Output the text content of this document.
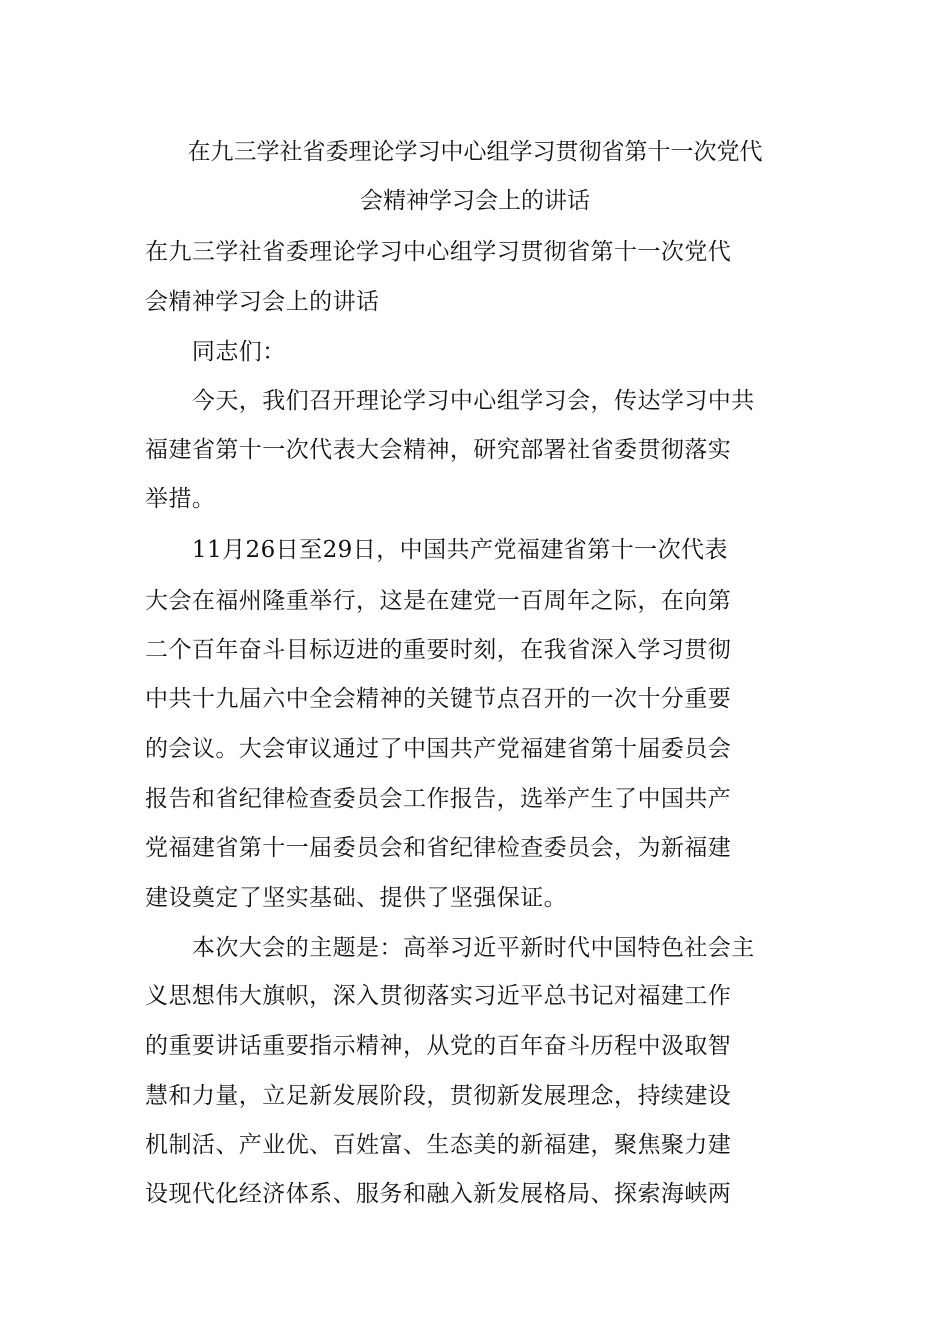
在九三学社省委理论学习中心组学习贯彻省第十一次党代
会精神学习会上的讲话
在九三学社省委理论学习中心组学习贯彻省第十一次党代
会精神学习会上的讲话
　　同志们：
　　今天，我们召开理论学习中心组学习会，传达学习中共
福建省第十一次代表大会精神，研究部署社省委贯彻落实
举措。
　　11月26日至29日，中国共产党福建省第十一次代表
大会在福州隆重举行，这是在建党一百周年之际，在向第
二个百年奋斗目标迈进的重要时刻，在我省深入学习贯彻
中共十九届六中全会精神的关键节点召开的一次十分重要
的会议。大会审议通过了中国共产党福建省第十届委员会
报告和省纪律检查委员会工作报告，选举产生了中国共产
党福建省第十一届委员会和省纪律检查委员会，为新福建
建设奠定了坚实基础、提供了坚强保证。
　　本次大会的主题是：高举习近平新时代中国特色社会主
义思想伟大旗帜，深入贯彻落实习近平总书记对福建工作
的重要讲话重要指示精神，从党的百年奋斗历程中汲取智
慧和力量，立足新发展阶段，贯彻新发展理念，持续建设
机制活、产业优、百姓富、生态美的新福建，聚焦聚力建
设现代化经济体系、服务和融入新发展格局、探索海峡两
